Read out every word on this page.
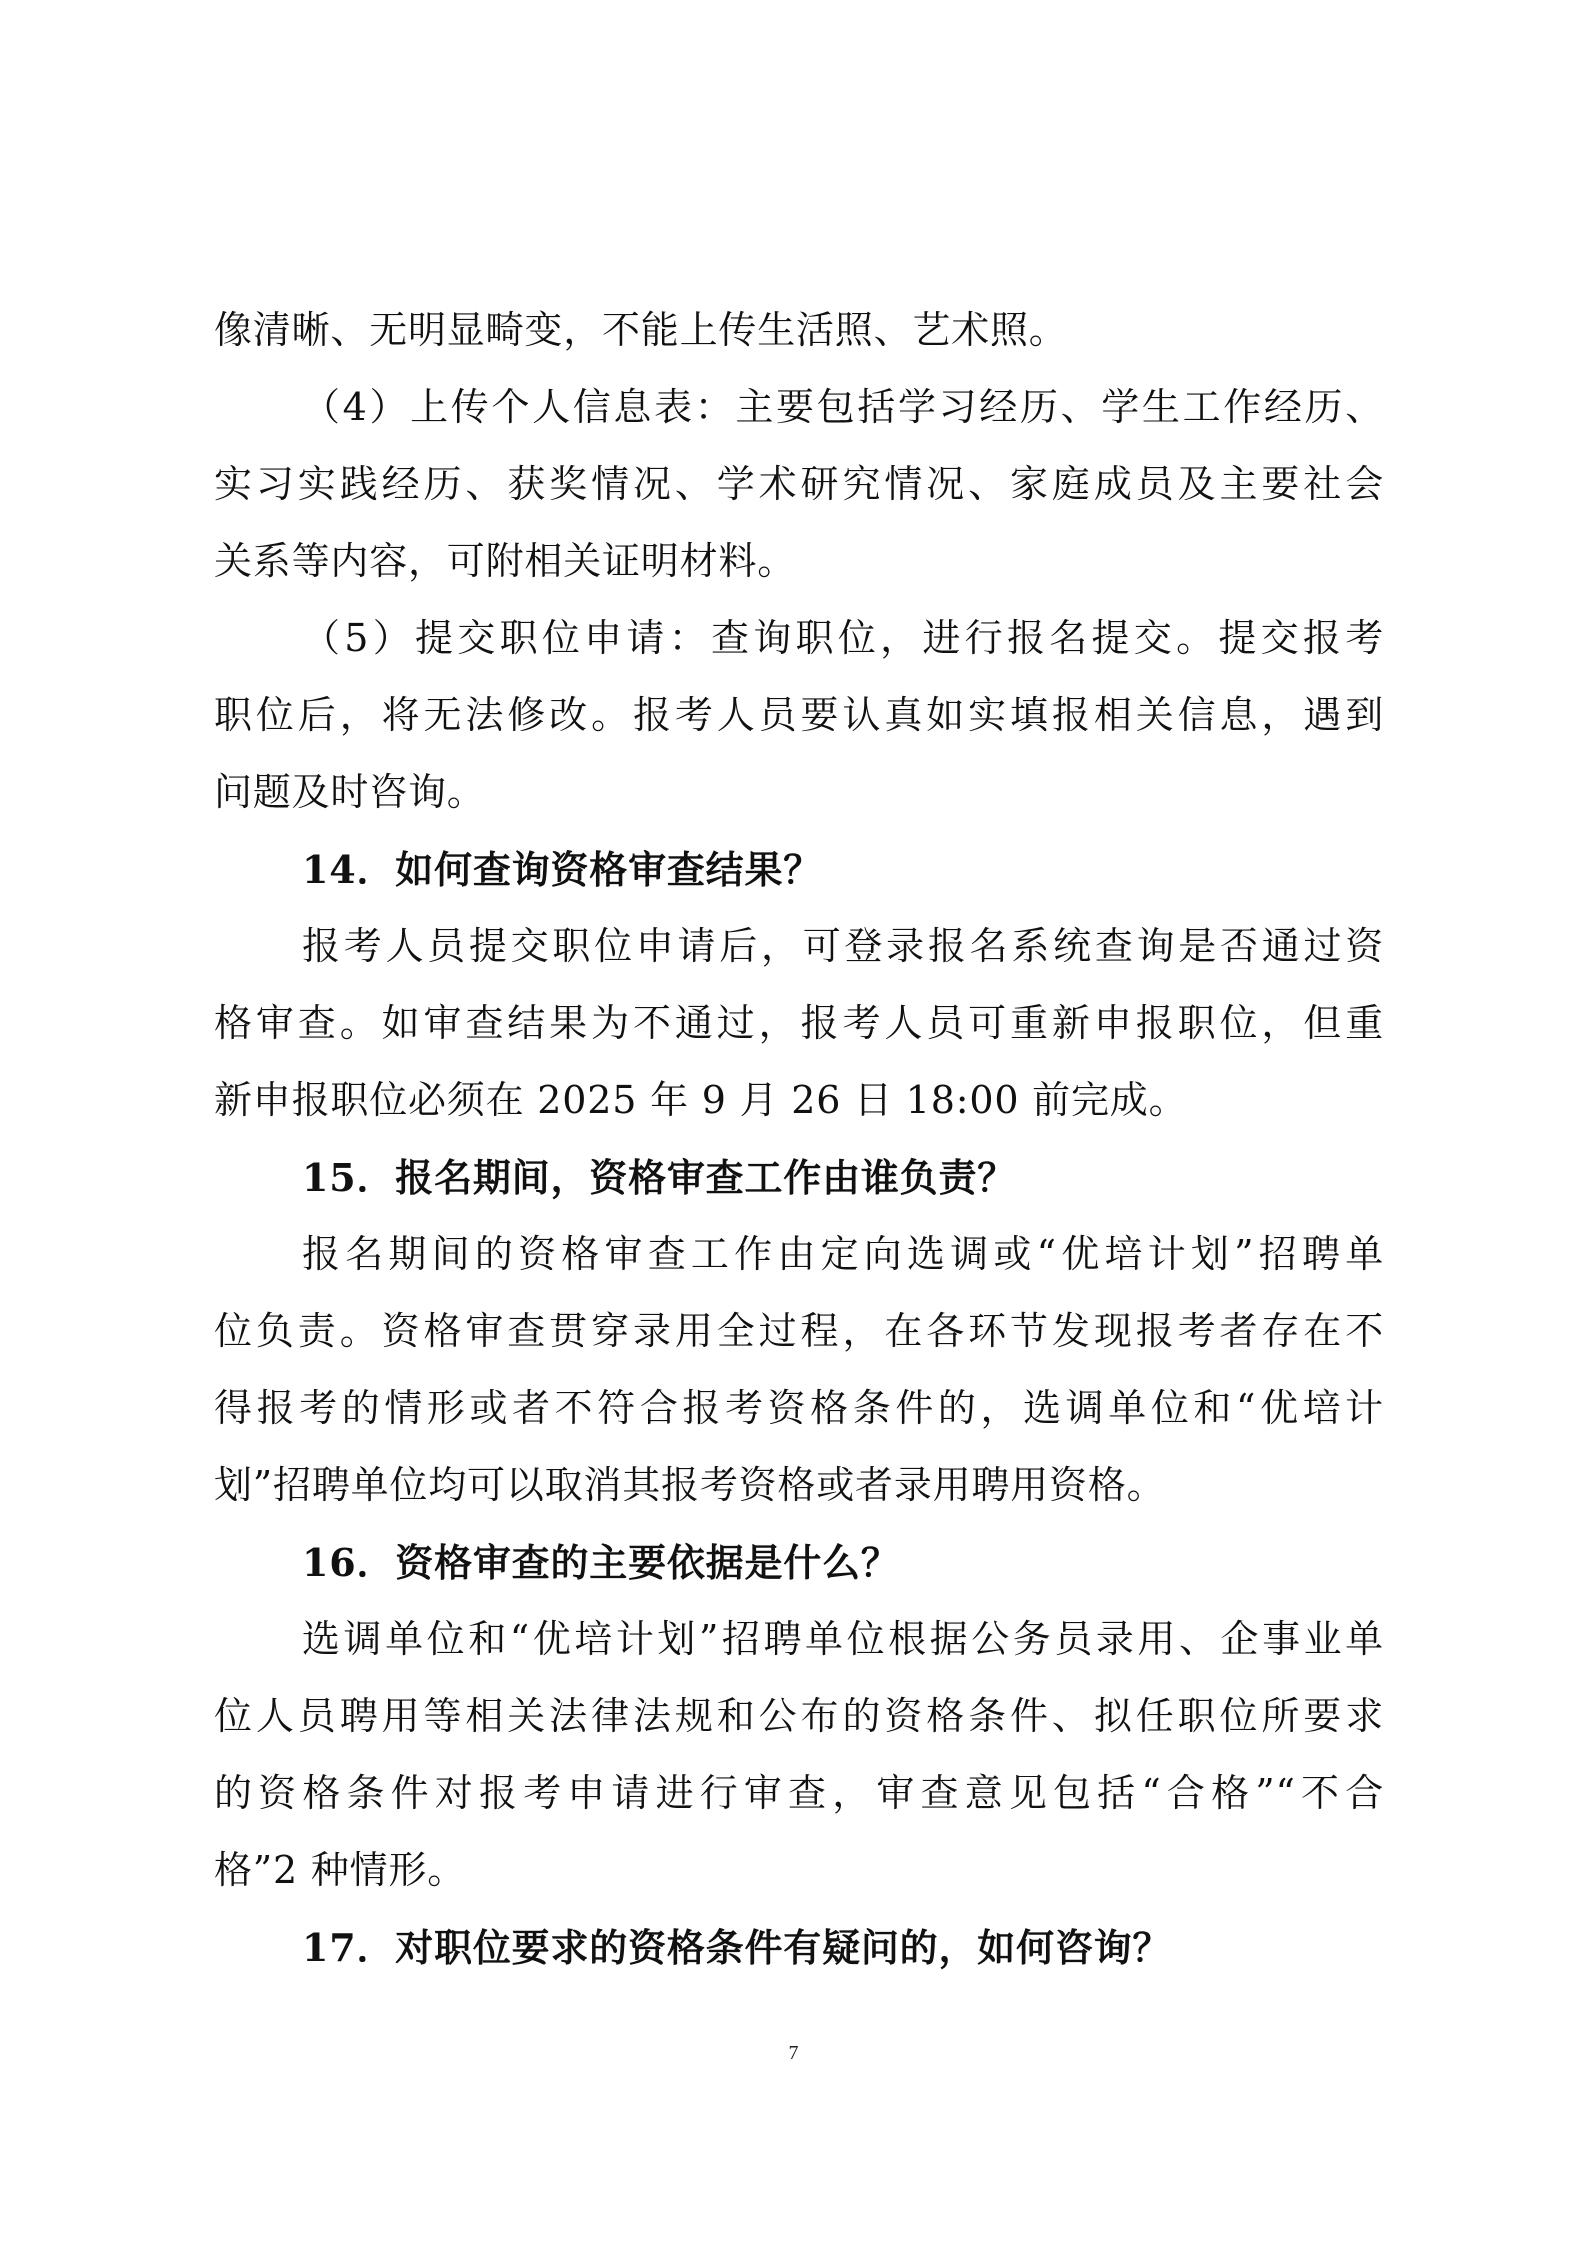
像清晰、无明显畸变，不能上传生活照、艺术照。
（4）上传个人信息表：主要包括学习经历、学生工作经历、
实习实践经历、获奖情况、学术研究情况、家庭成员及主要社会
关系等内容，可附相关证明材料。
（5）提交职位申请：查询职位，进行报名提交。提交报考
职位后，将无法修改。报考人员要认真如实填报相关信息，遇到
问题及时咨询。
14．如何查询资格审查结果？
报考人员提交职位申请后，可登录报名系统查询是否通过资
格审查。如审查结果为不通过，报考人员可重新申报职位，但重
新申报职位必须在 2025 年 9 月 26 日 18:00 前完成。
15．报名期间，资格审查工作由谁负责？
报名期间的资格审查工作由定向选调或“优培计划”招聘单
位负责。资格审查贯穿录用全过程，在各环节发现报考者存在不
得报考的情形或者不符合报考资格条件的，选调单位和“优培计
划”招聘单位均可以取消其报考资格或者录用聘用资格。
16．资格审查的主要依据是什么？
选调单位和“优培计划”招聘单位根据公务员录用、企事业单
位人员聘用等相关法律法规和公布的资格条件、拟任职位所要求
的资格条件对报考申请进行审查，审查意见包括“合格”“不合
格”2 种情形。
17．对职位要求的资格条件有疑问的，如何咨询？
7
